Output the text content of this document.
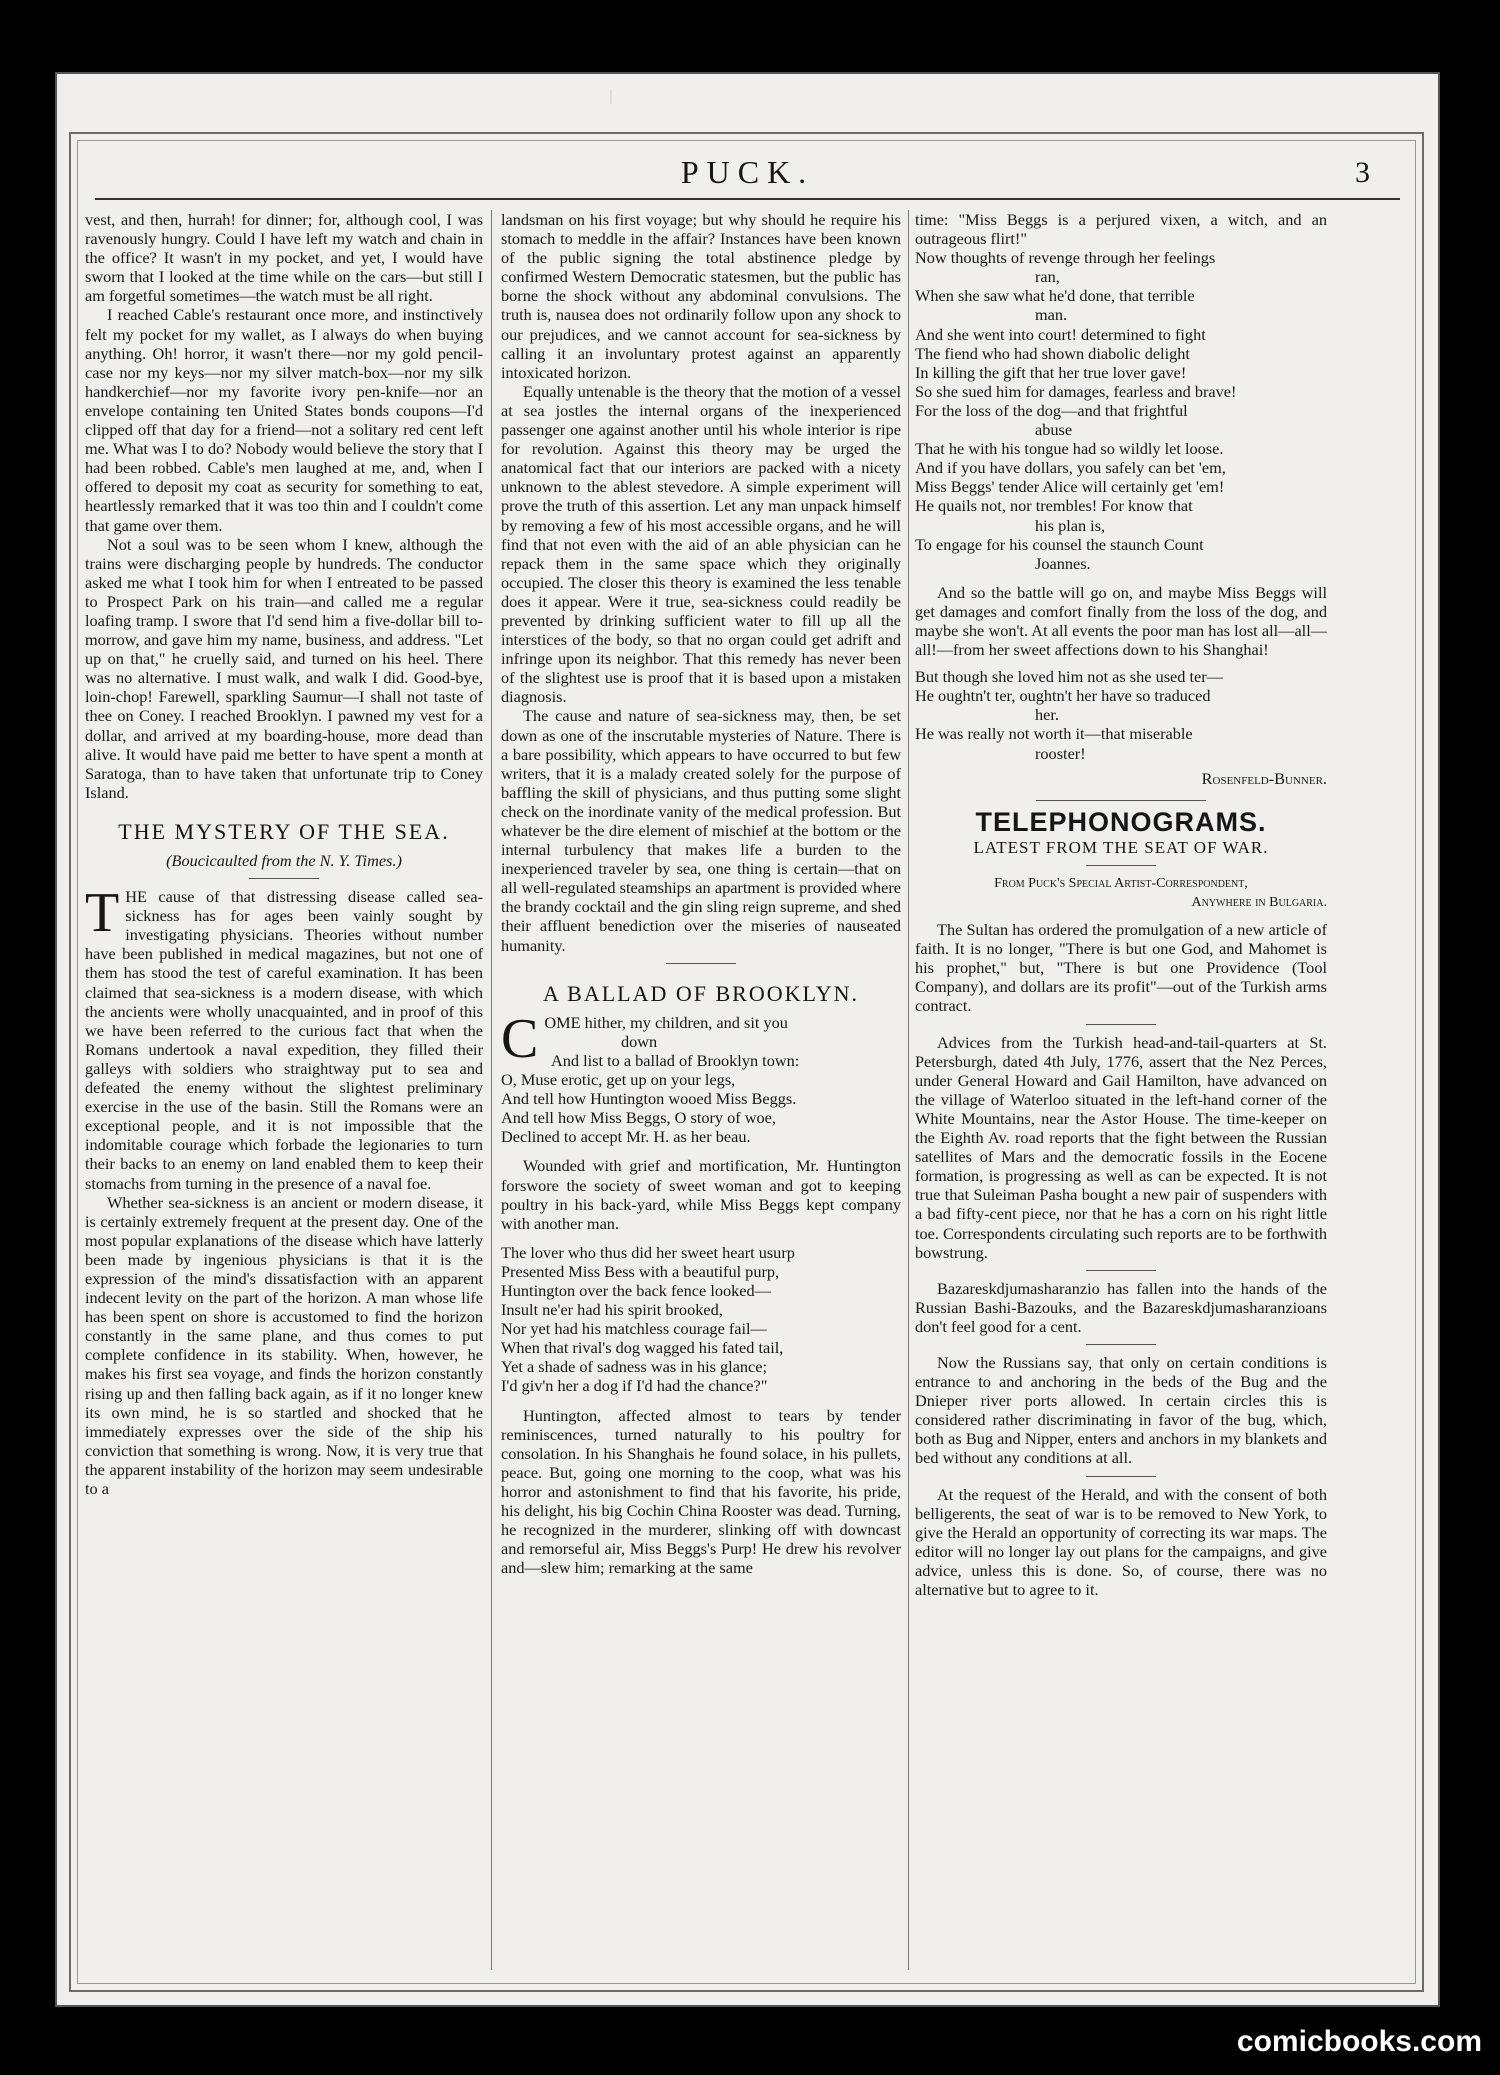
PUCK.	3

vest, and then, hurrah! for dinner; for, although cool, I was ravenously hungry. Could I have left my watch and chain in the office? It wasn't in my pocket, and yet, I would have sworn that I looked at the time while on the cars—but still I am forgetful sometimes—the watch must be all right.

I reached Cable's restaurant once more, and instinctively felt my pocket for my wallet, as I always do when buying anything. Oh! horror, it wasn't there—nor my gold pencil-case nor my keys—nor my silver match-box—nor my silk handkerchief—nor my favorite ivory pen-knife—nor an envelope containing ten United States bonds coupons—I'd clipped off that day for a friend—not a solitary red cent left me. What was I to do? Nobody would believe the story that I had been robbed. Cable's men laughed at me, and, when I offered to deposit my coat as security for something to eat, heartlessly remarked that it was too thin and I couldn't come that game over them.

Not a soul was to be seen whom I knew, although the trains were discharging people by hundreds. The conductor asked me what I took him for when I entreated to be passed to Prospect Park on his train—and called me a regular loafing tramp. I swore that I'd send him a five-dollar bill to-morrow, and gave him my name, business, and address. "Let up on that," he cruelly said, and turned on his heel. There was no alternative. I must walk, and walk I did. Good-bye, loin-chop! Farewell, sparkling Saumur—I shall not taste of thee on Coney. I reached Brooklyn. I pawned my vest for a dollar, and arrived at my boarding-house, more dead than alive. It would have paid me better to have spent a month at Saratoga, than to have taken that unfortunate trip to Coney Island.

THE MYSTERY OF THE SEA.
(Boucicaulted from the N. Y. Times.)

THE cause of that distressing disease called sea-sickness has for ages been vainly sought by investigating physicians. Theories without number have been published in medical magazines, but not one of them has stood the test of careful examination. It has been claimed that sea-sickness is a modern disease, with which the ancients were wholly unacquainted, and in proof of this we have been referred to the curious fact that when the Romans undertook a naval expedition, they filled their galleys with soldiers who straightway put to sea and defeated the enemy without the slightest preliminary exercise in the use of the basin. Still the Romans were an exceptional people, and it is not impossible that the indomitable courage which forbade the legionaries to turn their backs to an enemy on land enabled them to keep their stomachs from turning in the presence of a naval foe.

Whether sea-sickness is an ancient or modern disease, it is certainly extremely frequent at the present day. One of the most popular explanations of the disease which have latterly been made by ingenious physicians is that it is the expression of the mind's dissatisfaction with an apparent indecent levity on the part of the horizon. A man whose life has been spent on shore is accustomed to find the horizon constantly in the same plane, and thus comes to put complete confidence in its stability. When, however, he makes his first sea voyage, and finds the horizon constantly rising up and then falling back again, as if it no longer knew its own mind, he is so startled and shocked that he immediately expresses over the side of the ship his conviction that something is wrong. Now, it is very true that the apparent instability of the horizon may seem undesirable to a

landsman on his first voyage; but why should he require his stomach to meddle in the affair? Instances have been known of the public signing the total abstinence pledge by confirmed Western Democratic statesmen, but the public has borne the shock without any abdominal convulsions. The truth is, nausea does not ordinarily follow upon any shock to our prejudices, and we cannot account for sea-sickness by calling it an involuntary protest against an apparently intoxicated horizon.

Equally untenable is the theory that the motion of a vessel at sea jostles the internal organs of the inexperienced passenger one against another until his whole interior is ripe for revolution. Against this theory may be urged the anatomical fact that our interiors are packed with a nicety unknown to the ablest stevedore. A simple experiment will prove the truth of this assertion. Let any man unpack himself by removing a few of his most accessible organs, and he will find that not even with the aid of an able physician can he repack them in the same space which they originally occupied. The closer this theory is examined the less tenable does it appear. Were it true, sea-sickness could readily be prevented by drinking sufficient water to fill up all the interstices of the body, so that no organ could get adrift and infringe upon its neighbor. That this remedy has never been of the slightest use is proof that it is based upon a mistaken diagnosis.

The cause and nature of sea-sickness may, then, be set down as one of the inscrutable mysteries of Nature. There is a bare possibility, which appears to have occurred to but few writers, that it is a malady created solely for the purpose of baffling the skill of physicians, and thus putting some slight check on the inordinate vanity of the medical profession. But whatever be the dire element of mischief at the bottom or the internal turbulency that makes life a burden to the inexperienced traveler by sea, one thing is certain—that on all well-regulated steamships an apartment is provided where the brandy cocktail and the gin sling reign supreme, and shed their affluent benediction over the miseries of nauseated humanity.

A BALLAD OF BROOKLYN.

COME hither, my children, and sit you

down

And list to a ballad of Brooklyn town:

O, Muse erotic, get up on your legs,

And tell how Huntington wooed Miss Beggs.

And tell how Miss Beggs, O story of woe,

Declined to accept Mr. H. as her beau.

Wounded with grief and mortification, Mr. Huntington forswore the society of sweet woman and got to keeping poultry in his back-yard, while Miss Beggs kept company with another man.

The lover who thus did her sweet heart usurp

Presented Miss Bess with a beautiful purp,

Huntington over the back fence looked—

Insult ne'er had his spirit brooked,

Nor yet had his matchless courage fail—

When that rival's dog wagged his fated tail,

Yet a shade of sadness was in his glance;

I'd giv'n her a dog if I'd had the chance?"

Huntington, affected almost to tears by tender reminiscences, turned naturally to his poultry for consolation. In his Shanghais he found solace, in his pullets, peace. But, going one morning to the coop, what was his horror and astonishment to find that his favorite, his pride, his delight, his big Cochin China Rooster was dead. Turning, he recognized in the murderer, slinking off with downcast and remorseful air, Miss Beggs's Purp! He drew his revolver and—slew him; remarking at the same

time: "Miss Beggs is a perjured vixen, a witch, and an outrageous flirt!"

Now thoughts of revenge through her feelings

ran,

When she saw what he'd done, that terrible

man.

And she went into court! determined to fight

The fiend who had shown diabolic delight

In killing the gift that her true lover gave!

So she sued him for damages, fearless and brave!

For the loss of the dog—and that frightful

abuse

That he with his tongue had so wildly let loose.

And if you have dollars, you safely can bet 'em,

Miss Beggs' tender Alice will certainly get 'em!

He quails not, nor trembles! For know that

his plan is,

To engage for his counsel the staunch Count

Joannes.

And so the battle will go on, and maybe Miss Beggs will get damages and comfort finally from the loss of the dog, and maybe she won't. At all events the poor man has lost all—all—all!—from her sweet affections down to his Shanghai!

But though she loved him not as she used ter—

He oughtn't ter, oughtn't her have so traduced

her.

He was really not worth it—that miserable

rooster!

Rosenfeld-Bunner.
TELEPHONOGRAMS.
LATEST FROM THE SEAT OF WAR.
From Puck's Special Artist-Correspondent,
Anywhere in Bulgaria.

The Sultan has ordered the promulgation of a new article of faith. It is no longer, "There is but one God, and Mahomet is his prophet," but, "There is but one Providence (Tool Company), and dollars are its profit"—out of the Turkish arms contract.

Advices from the Turkish head-and-tail-quarters at St. Petersburgh, dated 4th July, 1776, assert that the Nez Perces, under General Howard and Gail Hamilton, have advanced on the village of Waterloo situated in the left-hand corner of the White Mountains, near the Astor House. The time-keeper on the Eighth Av. road reports that the fight between the Russian satellites of Mars and the democratic fossils in the Eocene formation, is progressing as well as can be expected. It is not true that Suleiman Pasha bought a new pair of suspenders with a bad fifty-cent piece, nor that he has a corn on his right little toe. Correspondents circulating such reports are to be forthwith bowstrung.

Bazareskdjumasharanzio has fallen into the hands of the Russian Bashi-Bazouks, and the Bazareskdjumasharanzioans don't feel good for a cent.

Now the Russians say, that only on certain conditions is entrance to and anchoring in the beds of the Bug and the Dnieper river ports allowed. In certain circles this is considered rather discriminating in favor of the bug, which, both as Bug and Nipper, enters and anchors in my blankets and bed without any conditions at all.

At the request of the Herald, and with the consent of both belligerents, the seat of war is to be removed to New York, to give the Herald an opportunity of correcting its war maps. The editor will no longer lay out plans for the campaigns, and give advice, unless this is done. So, of course, there was no alternative but to agree to it.

comicbooks.com
